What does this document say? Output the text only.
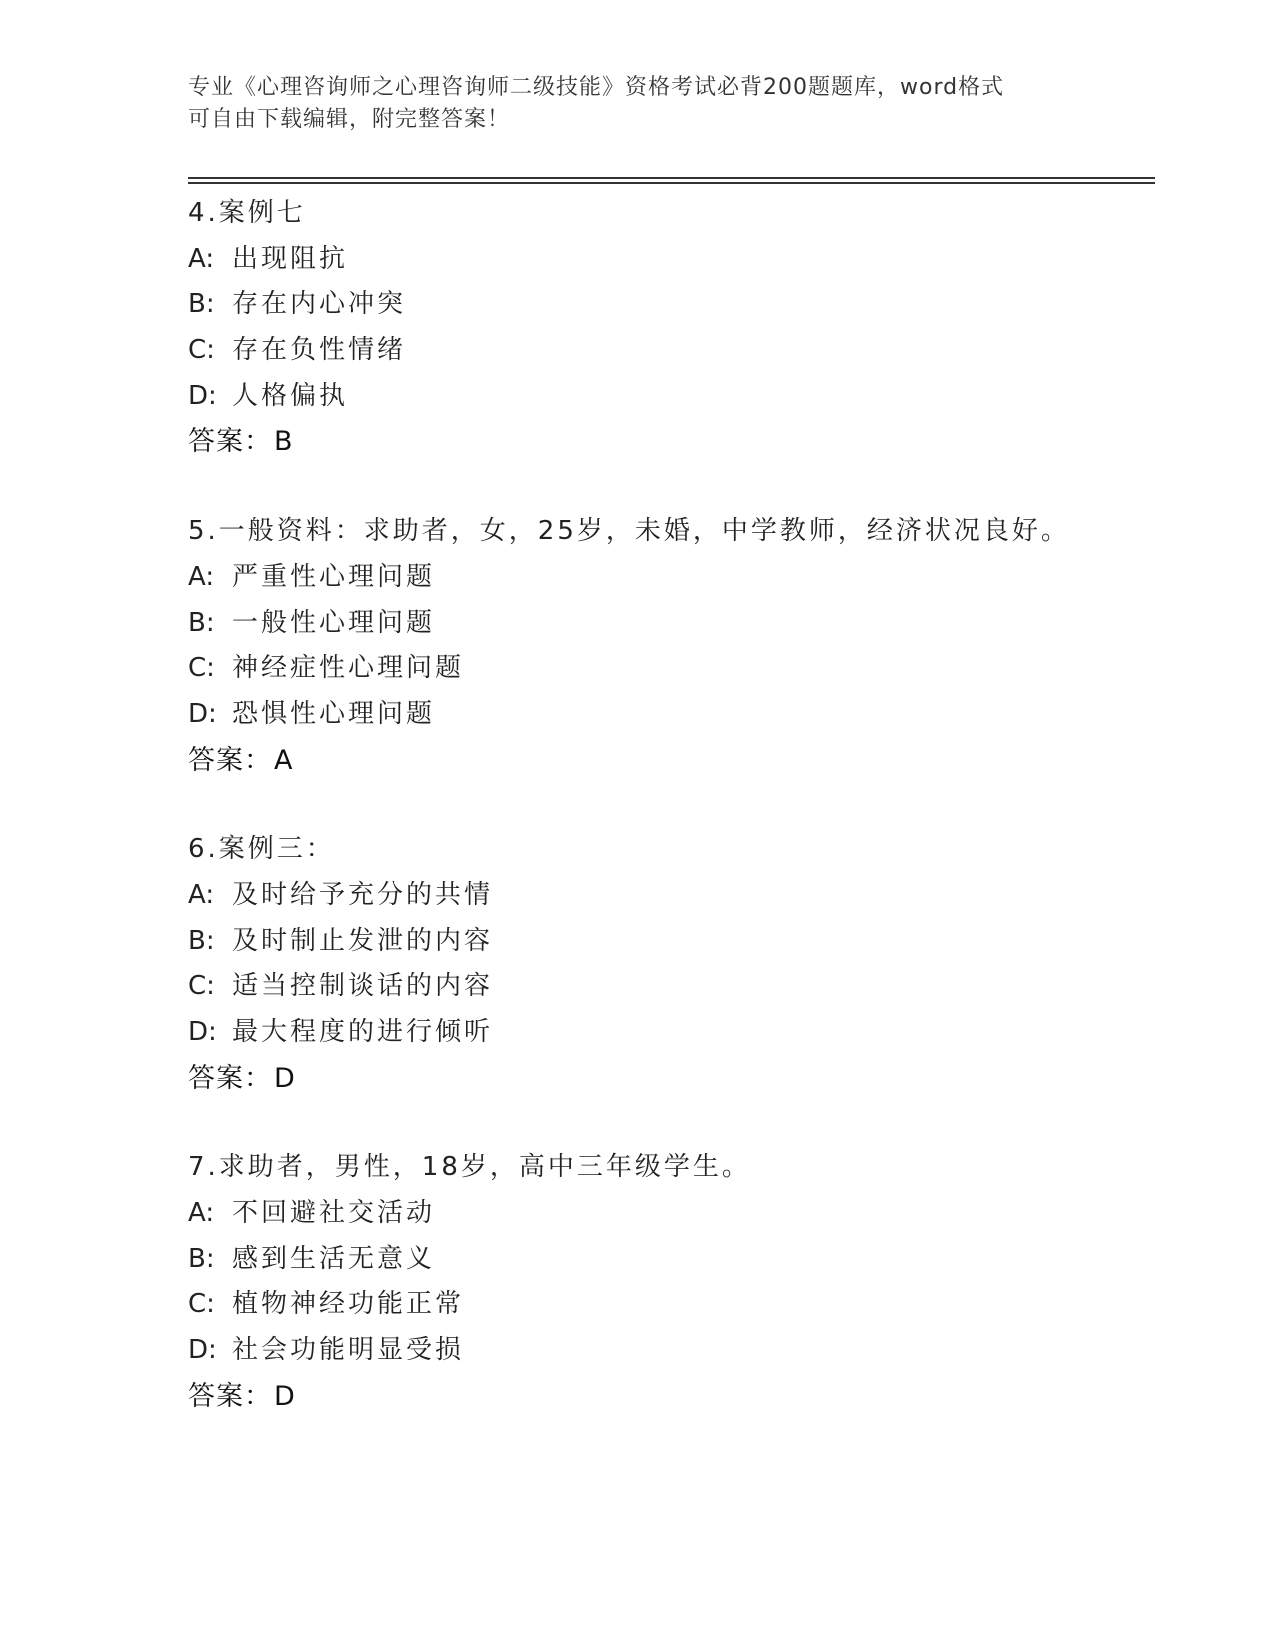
专业《心理咨询师之心理咨询师二级技能》资格考试必背200题题库，word格式
可自由下载编辑，附完整答案！
4.案例七
A: 出现阻抗
B: 存在内心冲突
C: 存在负性情绪
D: 人格偏执
答案：B
5.一般资料：求助者，女，25岁，未婚，中学教师，经济状况良好。
A: 严重性心理问题
B: 一般性心理问题
C: 神经症性心理问题
D: 恐惧性心理问题
答案：A
6.案例三：
A: 及时给予充分的共情
B: 及时制止发泄的内容
C: 适当控制谈话的内容
D: 最大程度的进行倾听
答案：D
7.求助者，男性，18岁，高中三年级学生。
A: 不回避社交活动
B: 感到生活无意义
C: 植物神经功能正常
D: 社会功能明显受损
答案：D
